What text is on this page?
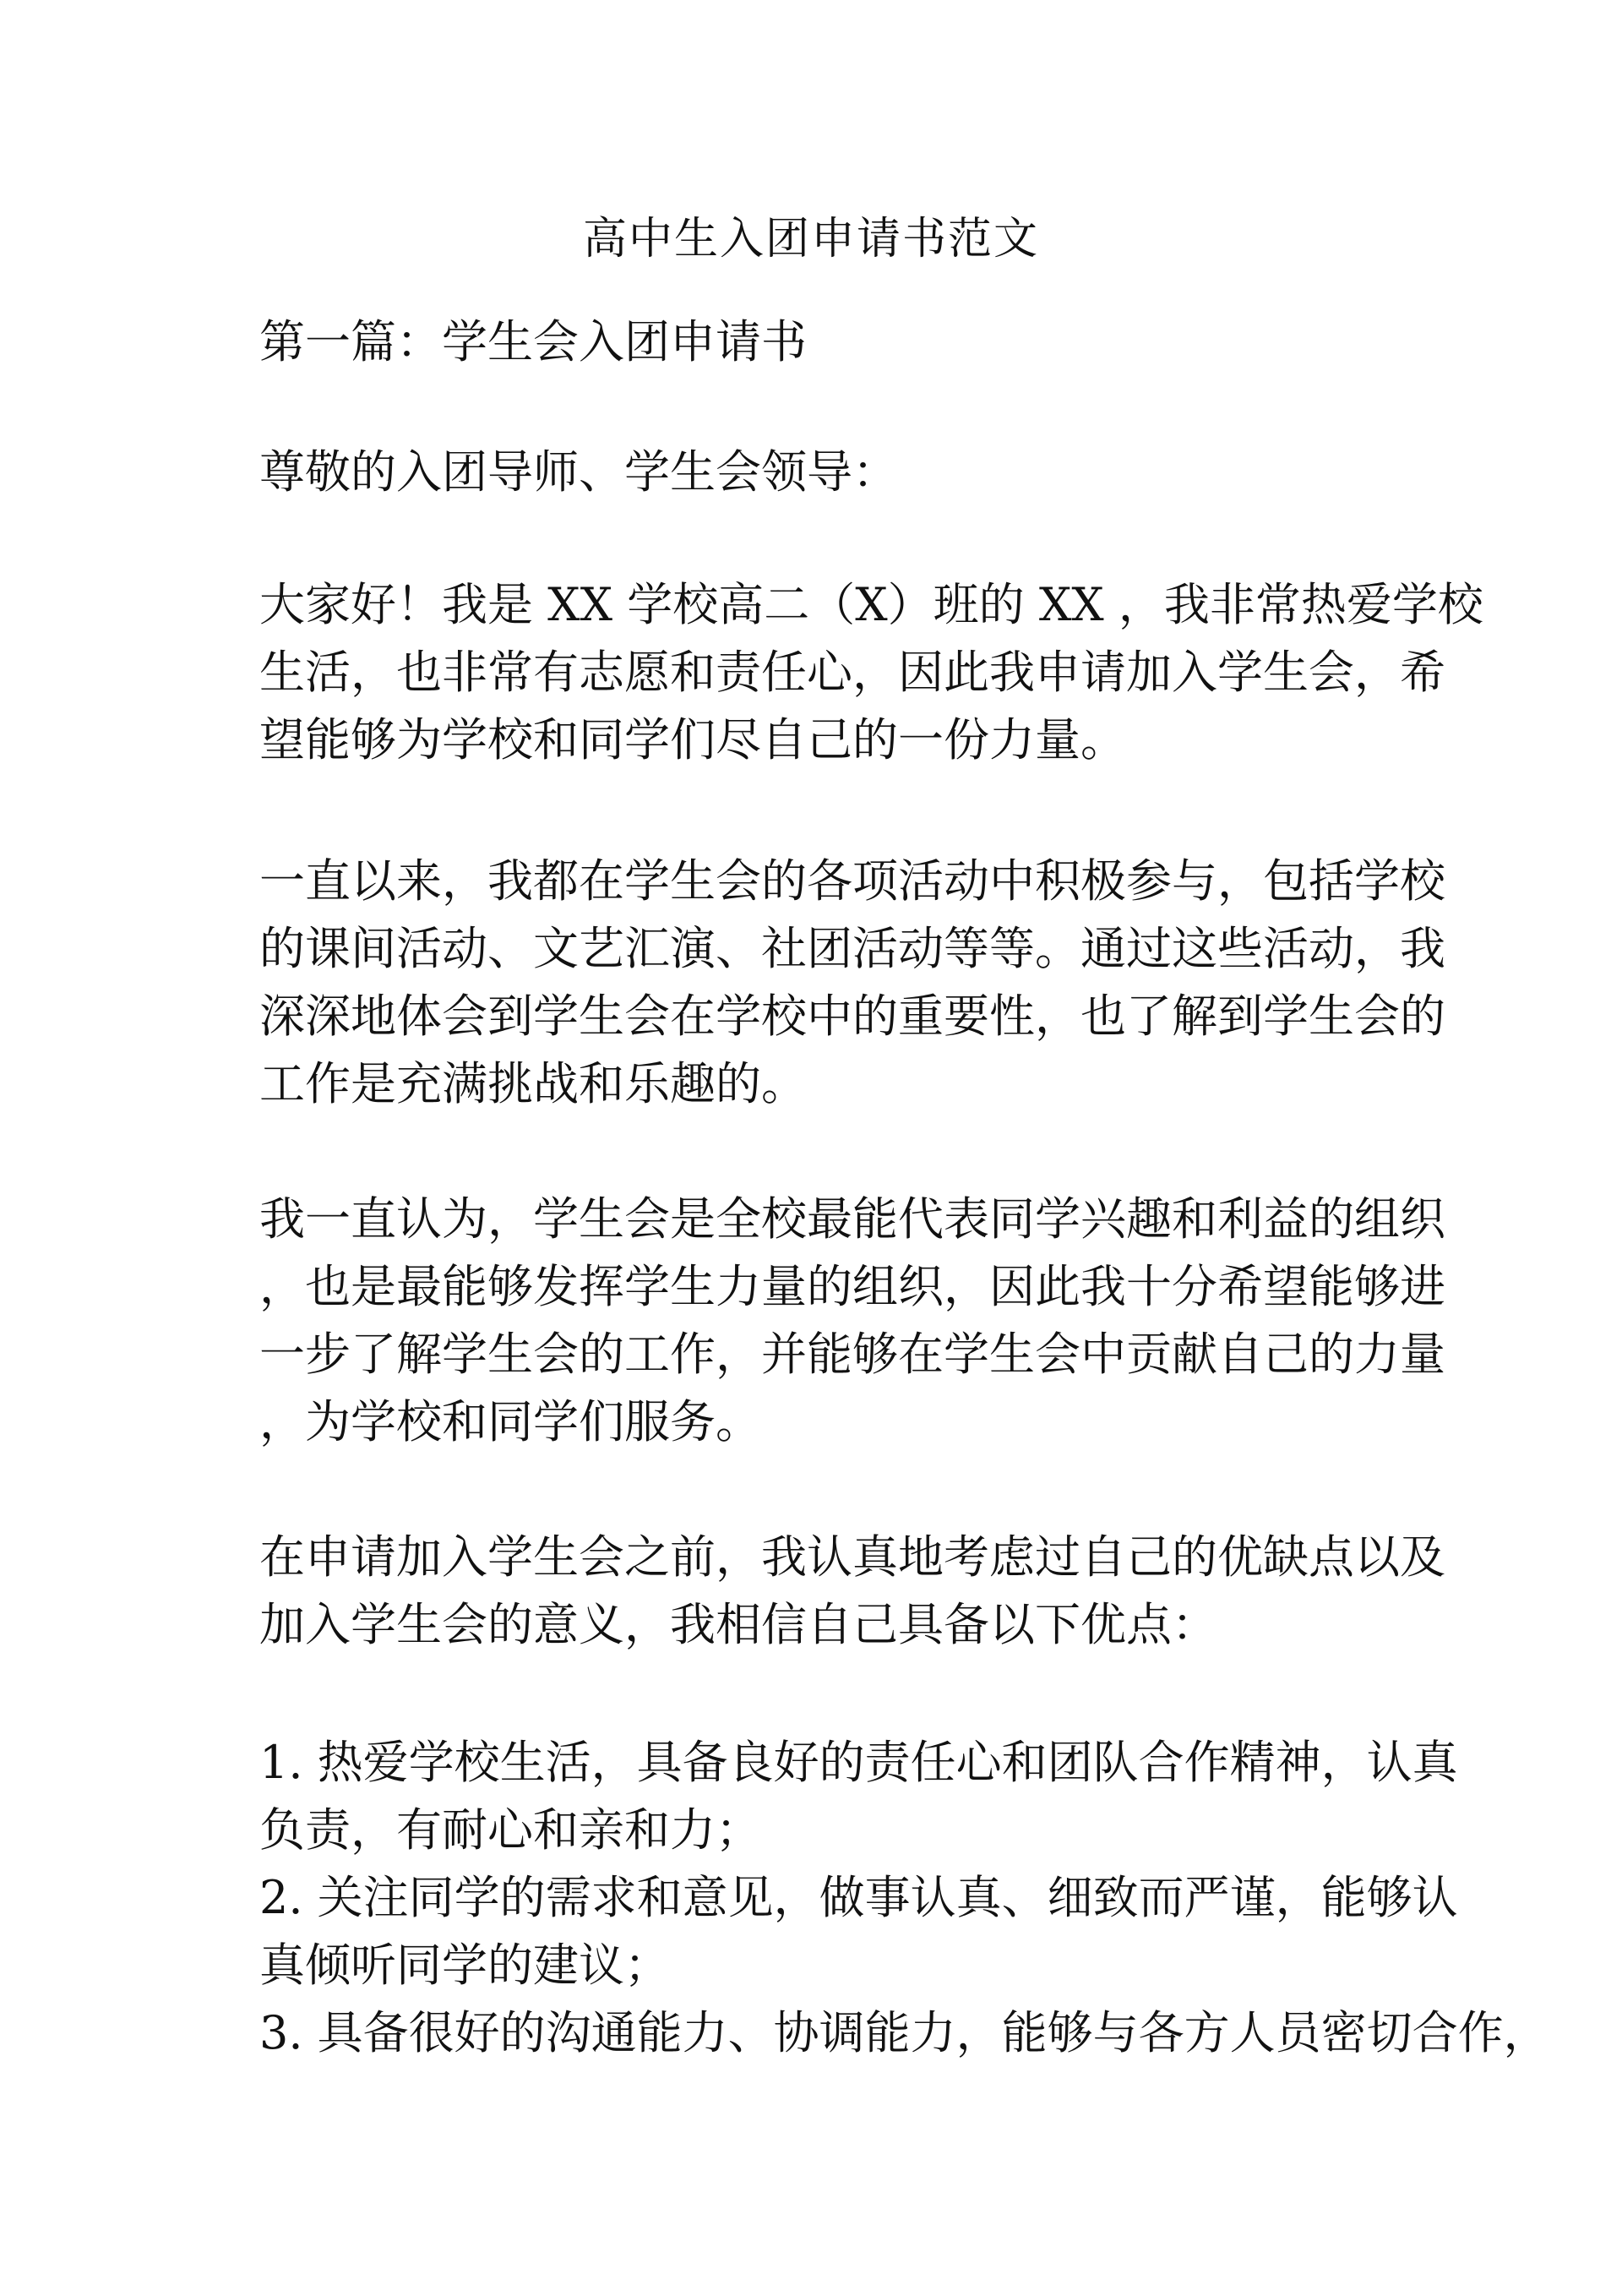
高中生入团申请书范文

第一篇：学生会入团申请书

尊敬的入团导师、学生会领导：

大家好！我是 XX 学校高二（X）班的 XX ，我非常热爱学校
生活，也非常有志愿和责任心，因此我申请加入学生会，希
望能够为学校和同学们尽自己的一份力量。

一直以来，我都在学生会的各项活动中积极参与，包括学校
的课间活动、文艺汇演、社团活动等等。通过这些活动，我
深深地体会到学生会在学校中的重要性，也了解到学生会的
工作是充满挑战和乐趣的。

我一直认为，学生会是全校最能代表同学兴趣和利益的组织
，也是最能够发挥学生力量的组织，因此我十分希望能够进
一步了解学生会的工作，并能够在学生会中贡献自己的力量
，为学校和同学们服务。

在申请加入学生会之前，我认真地考虑过自己的优缺点以及
加入学生会的意义，我相信自己具备以下优点：

1. 热爱学校生活，具备良好的责任心和团队合作精神，认真
负责，有耐心和亲和力；
2. 关注同学的需求和意见，做事认真、细致而严谨，能够认
真倾听同学的建议；
3. 具备很好的沟通能力、协调能力，能够与各方人员密切合作，
